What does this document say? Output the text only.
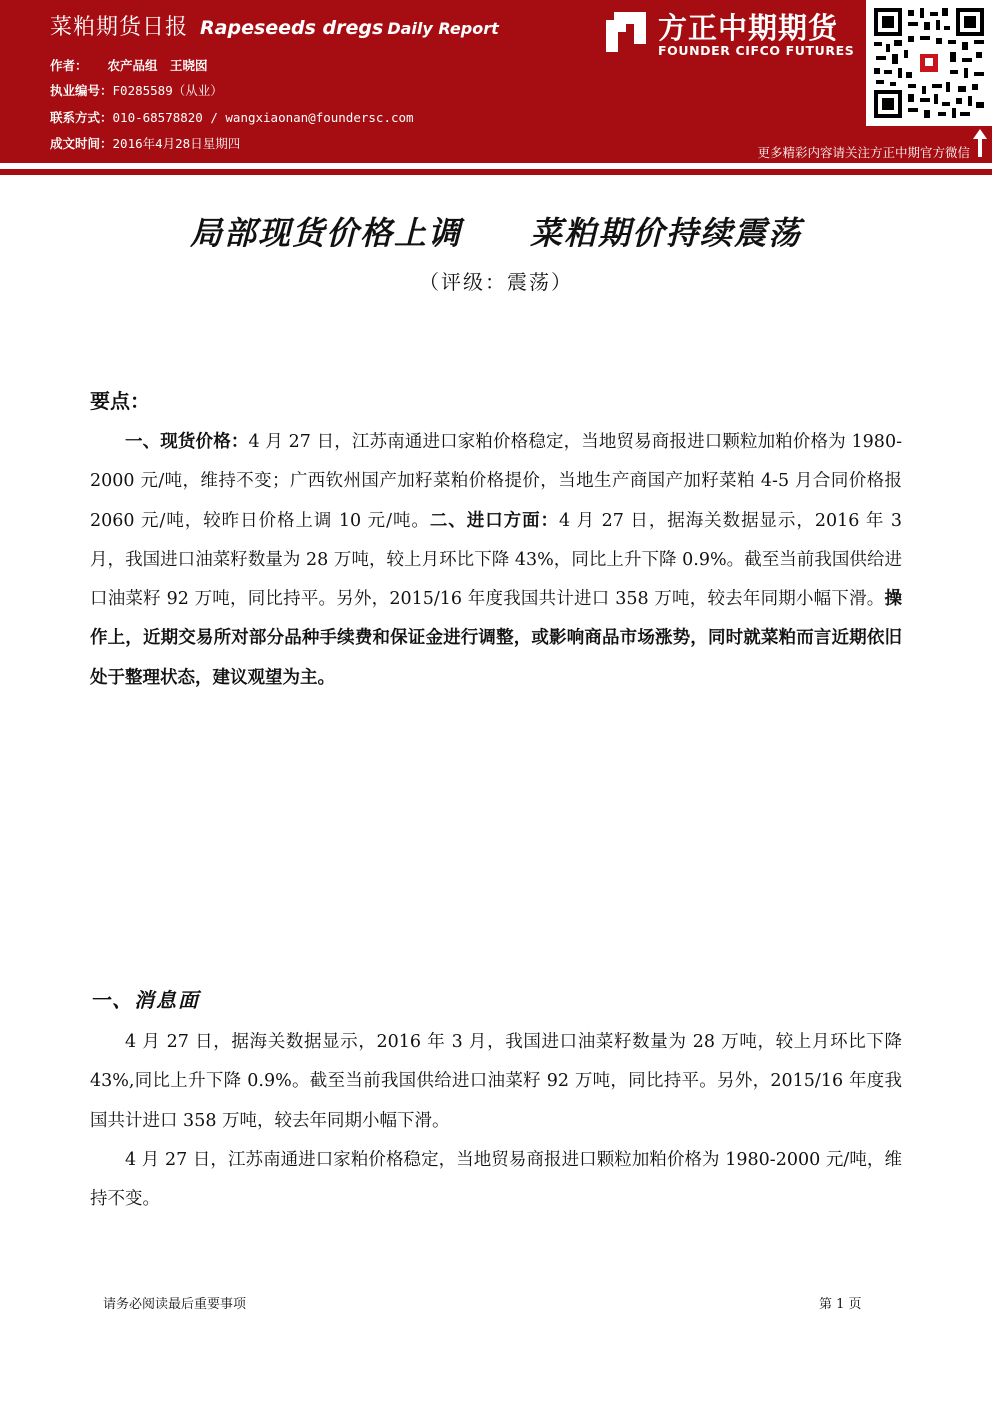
菜粕期货日报 Rapeseeds dregs Daily Report
作者： 农产品组　王晓囡
执业编号：F0285589（从业）
联系方式：010-68578820 / wangxiaonan@foundersc.com
成文时间：2016年4月28日星期四
方正中期期货
FOUNDER CIFCO FUTURES
更多精彩内容请关注方正中期官方微信
局部现货价格上调　　菜粕期价持续震荡
（评级：震荡）
要点：
一、现货价格：4 月 27 日，江苏南通进口家粕价格稳定，当地贸易商报进口颗粒加粕价格为 1980-2000 元/吨，维持不变；广西钦州国产加籽菜粕价格提价，当地生产商国产加籽菜粕 4-5 月合同价格报 2060 元/吨，较昨日价格上调 10 元/吨。二、进口方面：4 月 27 日，据海关数据显示，2016 年 3 月，我国进口油菜籽数量为 28 万吨，较上月环比下降 43%，同比上升下降 0.9%。截至当前我国供给进口油菜籽 92 万吨，同比持平。另外，2015/16 年度我国共计进口 358 万吨，较去年同期小幅下滑。操作上，近期交易所对部分品种手续费和保证金进行调整，或影响商品市场涨势，同时就菜粕而言近期依旧处于整理状态，建议观望为主。
一、消息面
4 月 27 日，据海关数据显示，2016 年 3 月，我国进口油菜籽数量为 28 万吨，较上月环比下降 43%,同比上升下降 0.9%。截至当前我国供给进口油菜籽 92 万吨，同比持平。另外，2015/16 年度我国共计进口 358 万吨，较去年同期小幅下滑。
4 月 27 日，江苏南通进口家粕价格稳定，当地贸易商报进口颗粒加粕价格为 1980-2000 元/吨，维持不变。
请务必阅读最后重要事项	第 1 页
